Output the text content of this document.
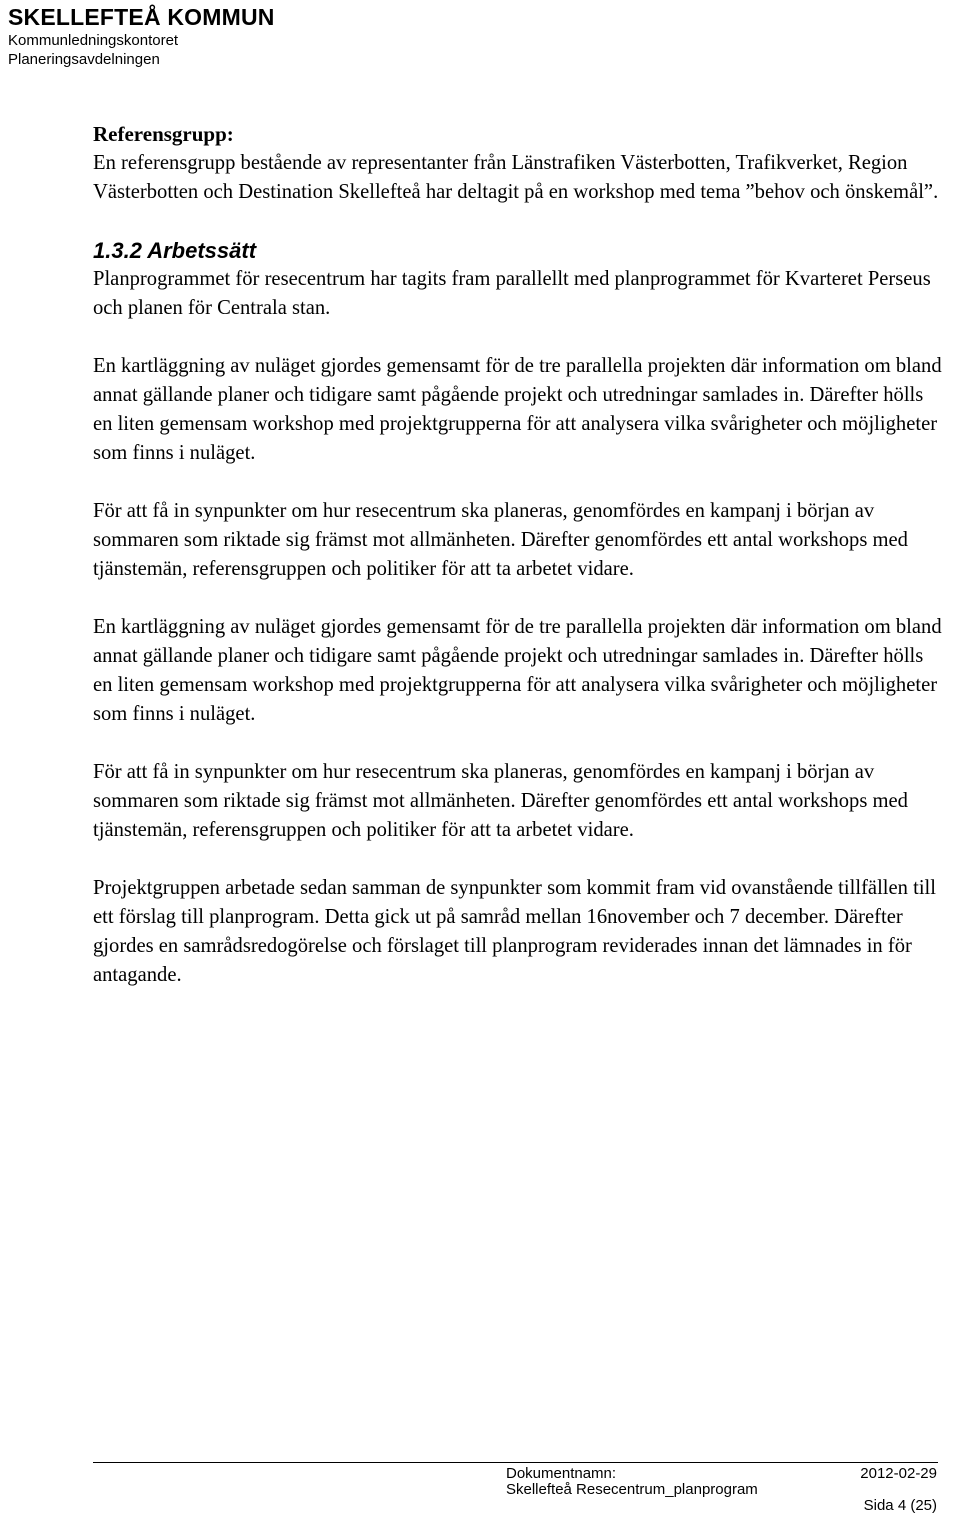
SKELLEFTEÅ KOMMUN
Kommunledningskontoret
Planeringsavdelningen

Referensgrupp:

En referensgrupp bestående av representanter från Länstrafiken Västerbotten, Trafikverket, Region Västerbotten och Destination Skellefteå har deltagit på en workshop med tema ”behov och önskemål”.

1.3.2 Arbetssätt

Planprogrammet för resecentrum har tagits fram parallellt med planprogrammet för Kvarteret Perseus och planen för Centrala stan.

En kartläggning av nuläget gjordes gemensamt för de tre parallella projekten där information om bland annat gällande planer och tidigare samt pågående projekt och utredningar samlades in. Därefter hölls en liten gemensam workshop med projektgrupperna för att analysera vilka svårigheter och möjligheter som finns i nuläget.

För att få in synpunkter om hur resecentrum ska planeras, genomfördes en kampanj i början av sommaren som riktade sig främst mot allmänheten. Därefter genomfördes ett antal workshops med tjänstemän, referensgruppen och politiker för att ta arbetet vidare.

En kartläggning av nuläget gjordes gemensamt för de tre parallella projekten där information om bland annat gällande planer och tidigare samt pågående projekt och utredningar samlades in. Därefter hölls en liten gemensam workshop med projektgrupperna för att analysera vilka svårigheter och möjligheter som finns i nuläget.

För att få in synpunkter om hur resecentrum ska planeras, genomfördes en kampanj i början av sommaren som riktade sig främst mot allmänheten. Därefter genomfördes ett antal workshops med tjänstemän, referensgruppen och politiker för att ta arbetet vidare.

Projektgruppen arbetade sedan samman de synpunkter som kommit fram vid ovanstående tillfällen till ett förslag till planprogram. Detta gick ut på samråd mellan 16november och 7 december. Därefter gjordes en samrådsredogörelse och förslaget till planprogram reviderades innan det lämnades in för antagande.

Dokumentnamn:	2012-02-29
Skellefteå Resecentrum_planprogram
Sida 4 (25)
